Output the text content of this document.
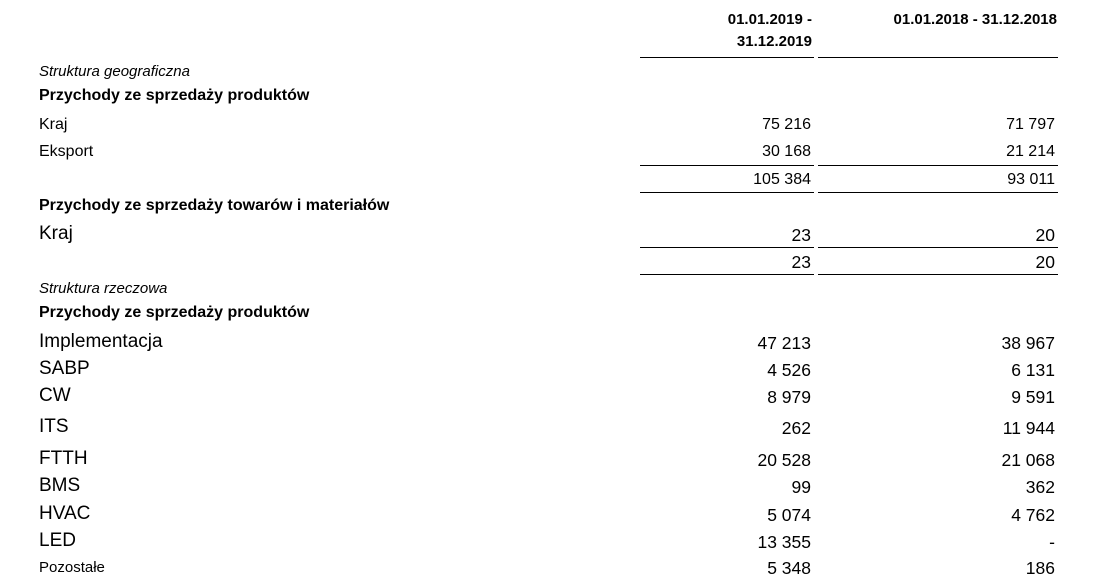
01.01.2019 -
31.12.2019
01.01.2018 - 31.12.2018
Struktura geograficzna
Przychody ze sprzedaży produktów
Kraj	75 216	71 797
Eksport	30 168	21 214
105 384	93 011
Przychody ze sprzedaży towarów i materiałów
Kraj	23	20
23	20
Struktura rzeczowa
Przychody ze sprzedaży produktów
Implementacja	47 213	38 967
SABP	4 526	6 131
CW	8 979	9 591
ITS	262	11 944
FTTH	20 528	21 068
BMS	99	362
HVAC	5 074	4 762
LED	13 355	-
Pozostałe	5 348	186
